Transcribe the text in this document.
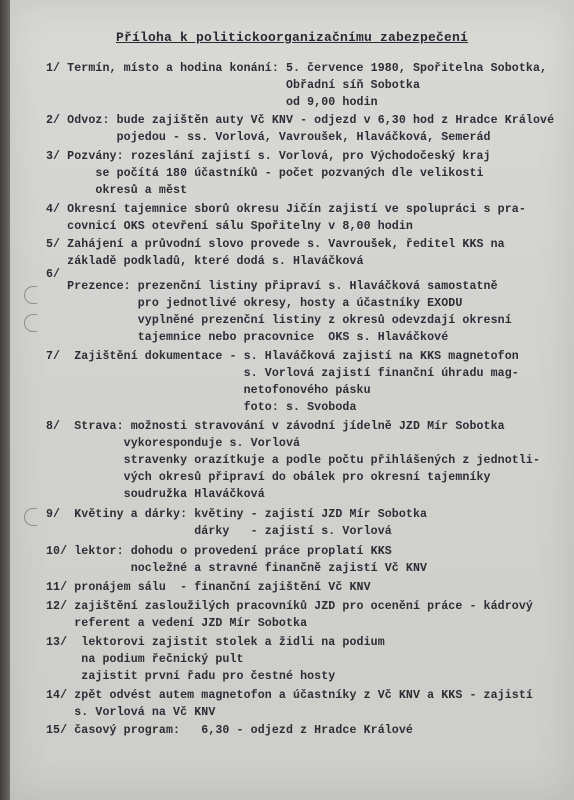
Příloha k politickoorganizačnímu zabezpečení
1/ Termín, místo a hodina konání: 5. července 1980, Spořitelna Sobotka,
Obřadní síň Sobotka
od 9,00 hodin
2/ Odvoz: bude zajištěn auty Vč KNV - odjezd v 6,30 hod z Hradce Králové
pojedou - ss. Vorlová, Vavroušek, Hlaváčková, Semerád
3/ Pozvány: rozeslání zajistí s. Vorlová, pro Východočeský kraj
se počítá 180 účastníků - počet pozvaných dle velikosti
okresů a měst
4/ Okresní tajemnice sborů okresu Jičín zajistí ve spolupráci s pra-
covnicí OKS otevření sálu Spořitelny v 8,00 hodin
5/ Zahájení a průvodní slovo provede s. Vavroušek, ředitel KKS na
základě podkladů, které dodá s. Hlaváčková
6/
Prezence: prezenční listiny připraví s. Hlaváčková samostatně
pro jednotlivé okresy, hosty a účastníky EXODU
vyplněné prezenční listiny z okresů odevzdají okresní
tajemnice nebo pracovnice  OKS s. Hlaváčkové
7/  Zajištění dokumentace - s. Hlaváčková zajistí na KKS magnetofon
s. Vorlová zajistí finanční úhradu mag-
netofonového pásku
foto: s. Svoboda
8/  Strava: možnosti stravování v závodní jídelně JZD Mír Sobotka
vykorespondujе s. Vorlová
stravenky orazítkuje a podle počtu přihlášených z jednotli-
vých okresů připraví do obálek pro okresní tajemníky
soudružka Hlaváčková
9/  Květiny a dárky: květiny - zajistí JZD Mír Sobotka
dárky   - zajistí s. Vorlová
10/ lektor: dohodu o provedení práce proplatí KKS
nocležné a stravné finančně zajistí Vč KNV
11/ pronájem sálu  - finanční zajištění Vč KNV
12/ zajištění zasloužilých pracovníků JZD pro ocenění práce - kádrový
referent a vedení JZD Mír Sobotka
13/  lektorovi zajistit stolek a židli na podium
na podium řečnický pult
zajistit první řadu pro čestné hosty
14/ zpět odvést autem magnetofon a účastníky z Vč KNV a KKS - zajistí
s. Vorlová na Vč KNV
15/ časový program:   6,30 - odjezd z Hradce Králové
